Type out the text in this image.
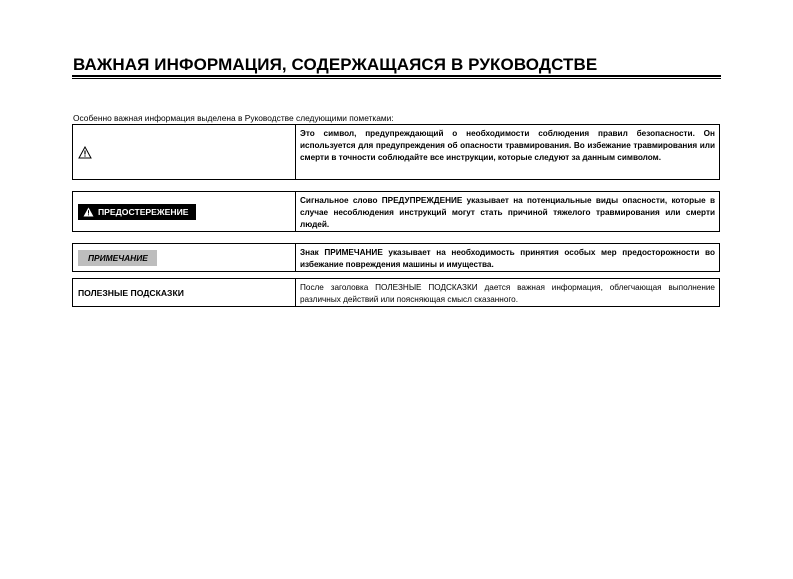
ВАЖНАЯ ИНФОРМАЦИЯ, СОДЕРЖАЩАЯСЯ В РУКОВОДСТВЕ
Особенно важная информация выделена в Руководстве следующими пометками:
Это символ, предупреждающий о необходимости соблюдения правил безопасности. Он используется для предупреждения об опасности травмирования. Во избежание травмирования или смерти в точности соблюдайте все инструкции, которые следуют за данным символом.
ПРЕДОСТЕРЕЖЕНИЕ
Сигнальное слово ПРЕДУПРЕЖДЕНИЕ указывает на потенциальные виды опасности, которые в случае несоблюдения инструкций могут стать причиной тяжелого травмирования или смерти людей.
ПРИМЕЧАНИЕ	Знак ПРИМЕЧАНИЕ указывает на необходимость принятия особых мер предосторожности во избежание повреждения машины и имущества.
ПОЛЕЗНЫЕ ПОДСКАЗКИ	После заголовка ПОЛЕЗНЫЕ ПОДСКАЗКИ дается важная информация, облегчающая выполнение различных действий или поясняющая смысл сказанного.
